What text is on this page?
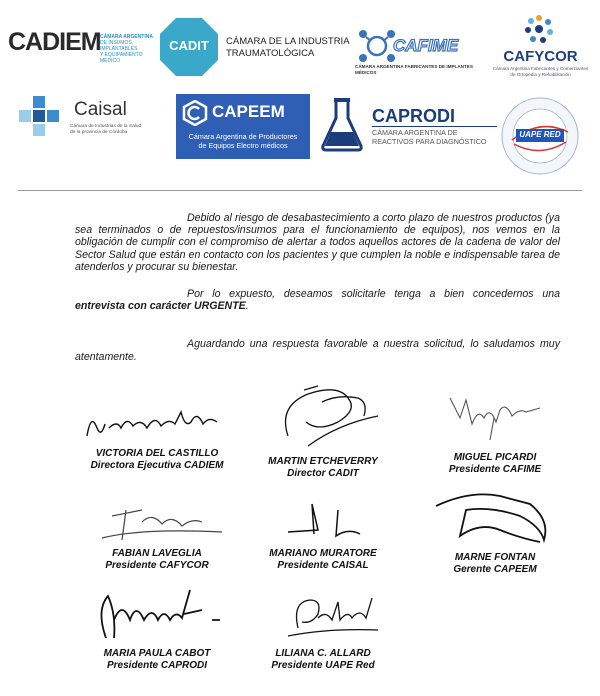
CADIEM CÁMARA ARGENTINA
DE INSUMOS, IMPLANTABLES
Y EQUIPAMIENTO MÉDICO
CADIT	CÁMARA DE LA INDUSTRIA
TRAUMATOLÓGICA	CAFIME
CÁMARA ARGENTINA FABRICANTES DE IMPLANTES MÉDICOS
CAFYCOR
Cámara Argentina Fabricantes y Comerciantes
de Ortopedia y Rehabilitación
Caisal
Cámara de Industrias de la Salud
de la provincia de Córdoba
CAPEEM
Cámara Argentina de Productores
de Equipos Electro médicos
CAPRODI
CÁMARA ARGENTINA DE
REACTIVOS PARA DIAGNÓSTICO
UAPE RED

Debido al riesgo de desabastecimiento a corto plazo de nuestros productos (ya sea terminados o de repuestos/insumos para el funcionamiento de equipos), nos vemos en la obligación de cumplir con el compromiso de alertar a todos aquellos actores de la cadena de valor del Sector Salud que están en contacto con los pacientes y que cumplen la noble e indispensable tarea de atenderlos y procurar su bienestar.

Por lo expuesto, deseamos solicitarle tenga a bien concedernos una entrevista con carácter URGENTE.

Aguardando una respuesta favorable a nuestra solicitud, lo saludamos muy atentamente.

VICTORIA DEL CASTILLO
Directora Ejecutiva CADIEM	MARTIN ETCHEVERRY
Director CADIT
MIGUEL PICARDI
Presidente CAFIME
FABIAN LAVEGLIA
Presidente CAFYCOR
MARIANO MURATORE
Presidente CAISAL
MARNE FONTAN
Gerente CAPEEM
MARIA PAULA CABOT
Presidente CAPRODI
LILIANA C. ALLARD
Presidente UAPE Red
